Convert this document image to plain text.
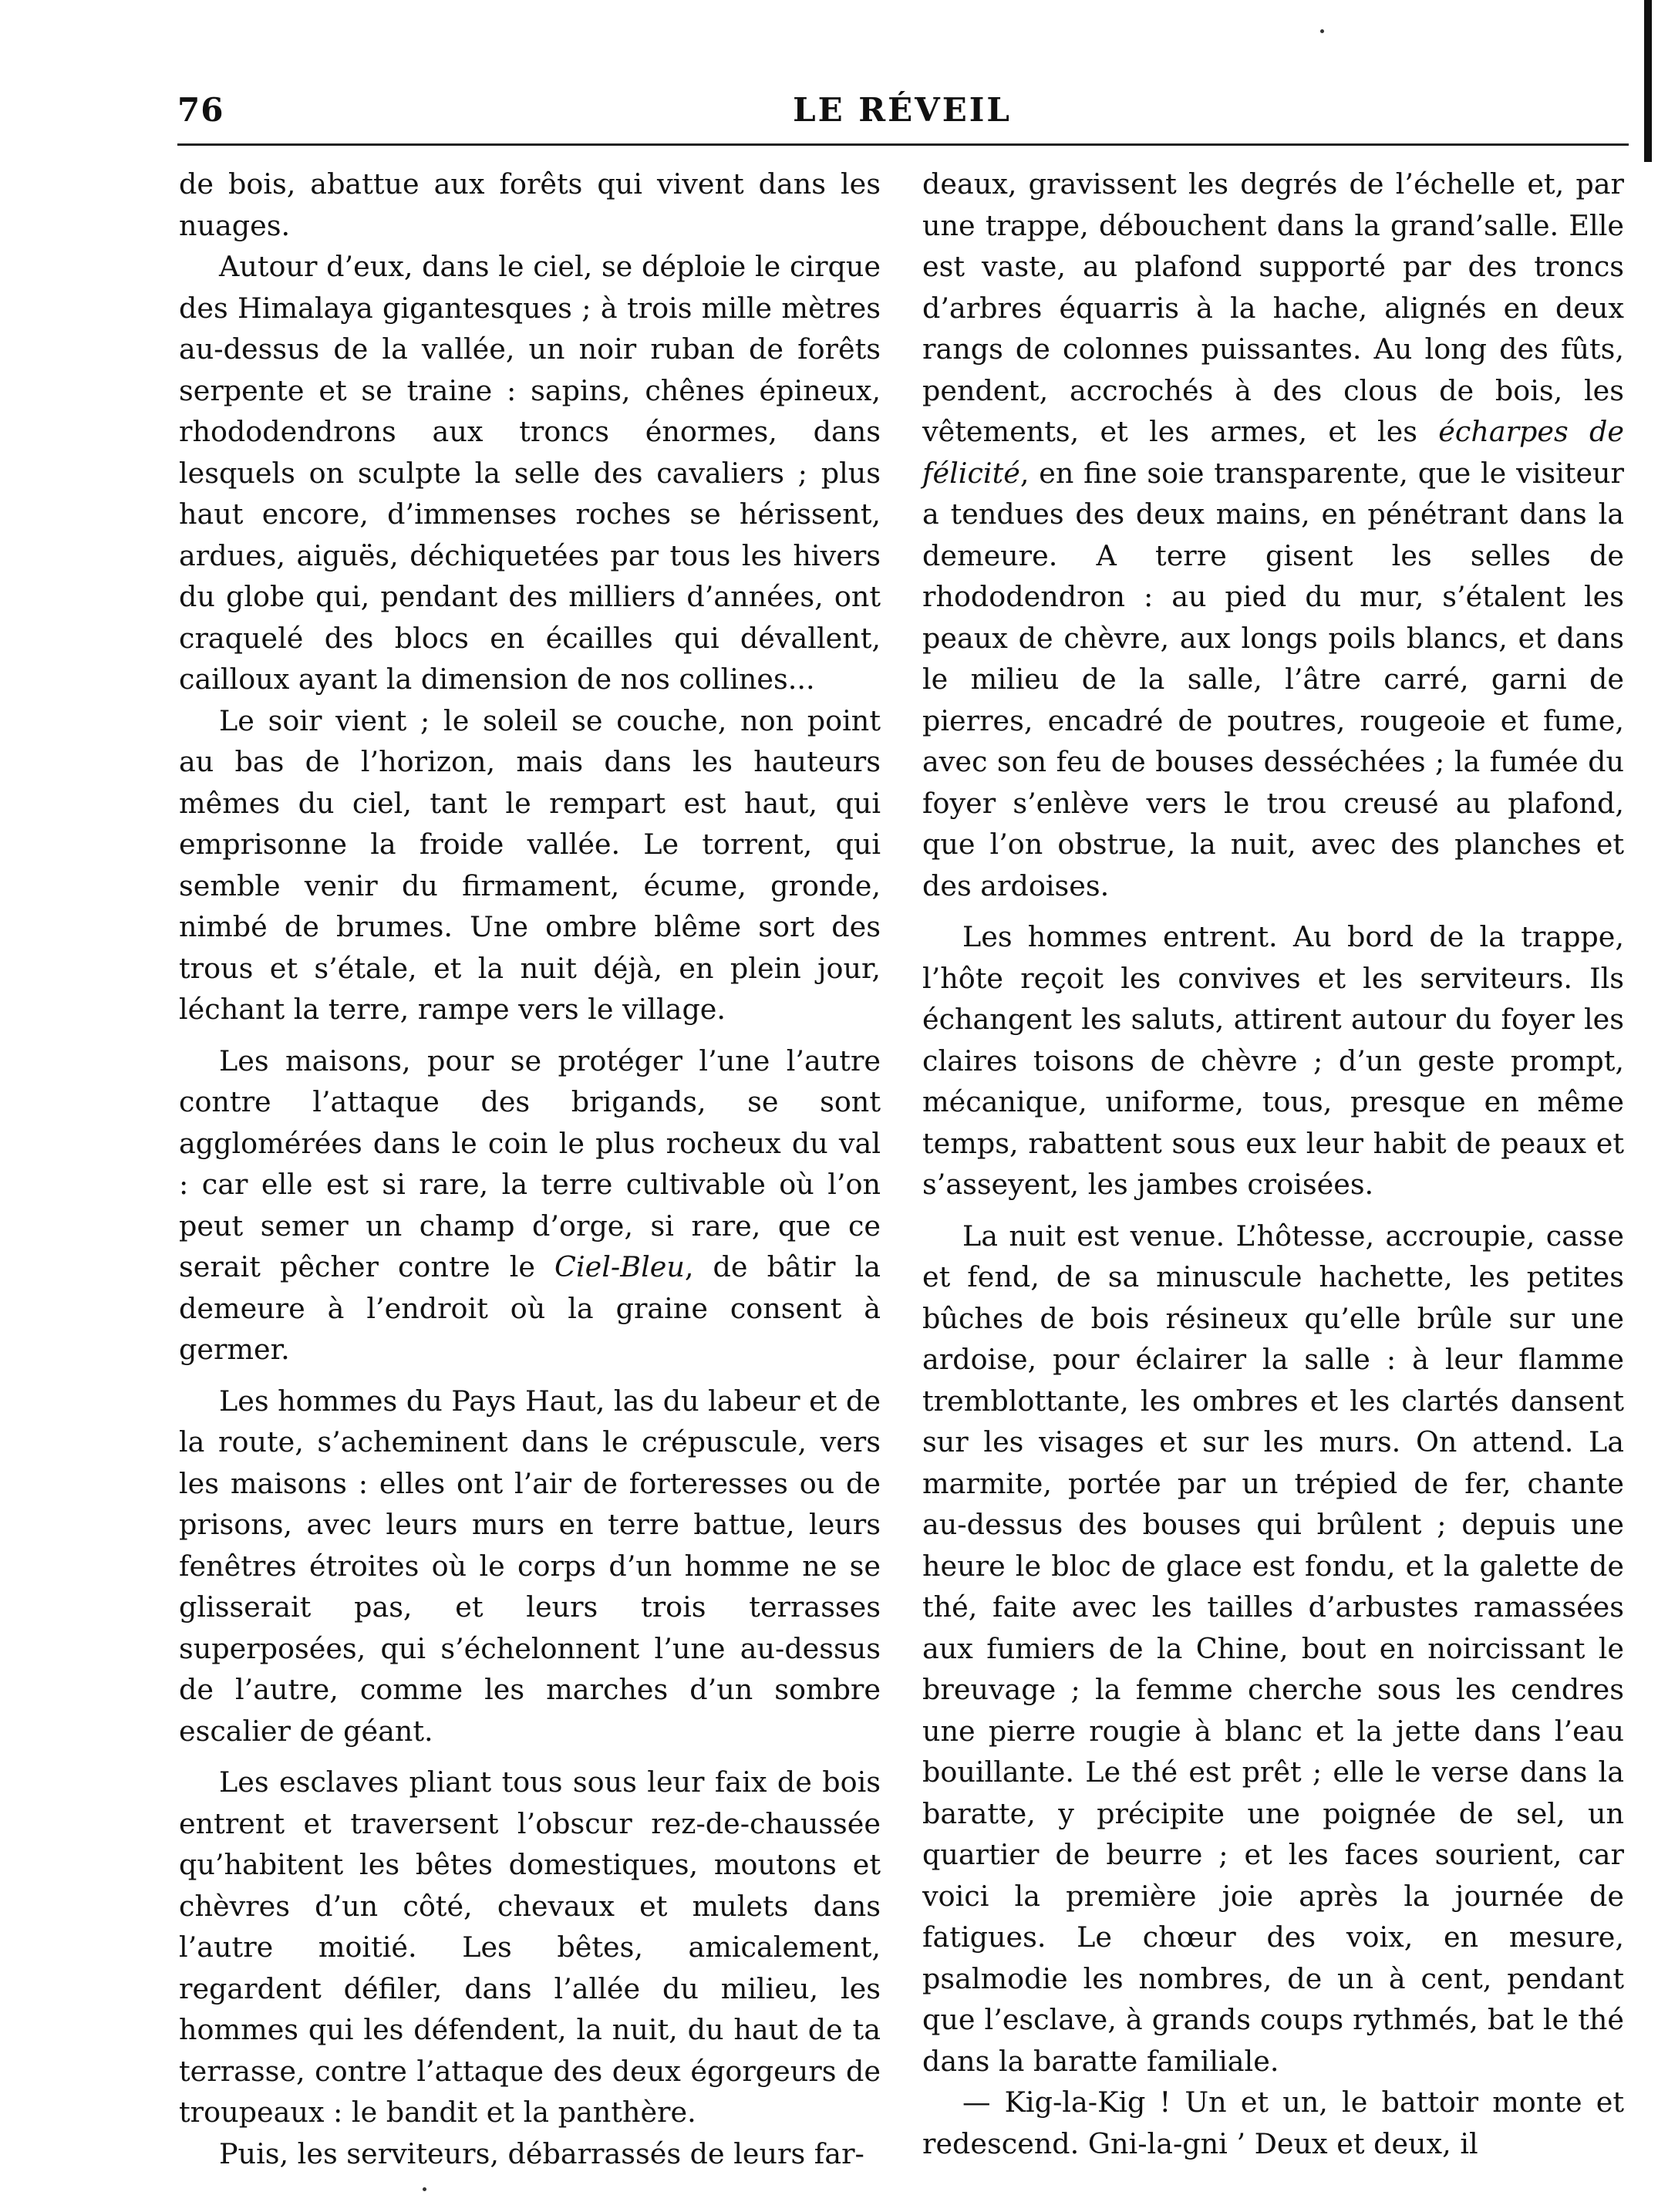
76	LE RÉVEIL

de bois, abattue aux forêts qui vivent dans les nuages.

Autour d’eux, dans le ciel, se déploie le cirque des Himalaya gigantesques ; à trois mille mètres au-dessus de la vallée, un noir ruban de forêts serpente et se traine : sapins, chênes épineux, rhododendrons aux troncs énormes, dans lesquels on sculpte la selle des cavaliers ; plus haut encore, d’immenses roches se hérissent, ardues, aiguës, déchiquetées par tous les hivers du globe qui, pendant des milliers d’années, ont craquelé des blocs en écailles qui dévallent, cailloux ayant la dimension de nos collines...

Le soir vient ; le soleil se couche, non point au bas de l’horizon, mais dans les hauteurs mêmes du ciel, tant le rempart est haut, qui emprisonne la froide vallée. Le torrent, qui semble venir du firmament, écume, gronde, nimbé de brumes. Une ombre blême sort des trous et s’étale, et la nuit déjà, en plein jour, léchant la terre, rampe vers le village.

Les maisons, pour se protéger l’une l’autre contre l’attaque des brigands, se sont agglomérées dans le coin le plus rocheux du val : car elle est si rare, la terre cultivable où l’on peut semer un champ d’orge, si rare, que ce serait pêcher contre le Ciel-Bleu, de bâtir la demeure à l’endroit où la graine consent à germer.

Les hommes du Pays Haut, las du labeur et de la route, s’acheminent dans le crépuscule, vers les maisons : elles ont l’air de forteresses ou de prisons, avec leurs murs en terre battue, leurs fenêtres étroites où le corps d’un homme ne se glisserait pas, et leurs trois terrasses superposées, qui s’échelonnent l’une au-dessus de l’autre, comme les marches d’un sombre escalier de géant.

Les esclaves pliant tous sous leur faix de bois entrent et traversent l’obscur rez-de-chaussée qu’habitent les bêtes domestiques, moutons et chèvres d’un côté, chevaux et mulets dans l’autre moitié. Les bêtes, amicalement, regardent défiler, dans l’allée du milieu, les hommes qui les défendent, la nuit, du haut de ta terrasse, contre l’attaque des deux égorgeurs de troupeaux : le bandit et la panthère.

Puis, les serviteurs, débarrassés de leurs far-

deaux, gravissent les degrés de l’échelle et, par une trappe, débouchent dans la grand’salle. Elle est vaste, au plafond supporté par des troncs d’arbres équarris à la hache, alignés en deux rangs de colonnes puissantes. Au long des fûts, pendent, accrochés à des clous de bois, les vêtements, et les armes, et les écharpes de félicité, en fine soie transparente, que le visiteur a tendues des deux mains, en pénétrant dans la demeure. A terre gisent les selles de rhododendron : au pied du mur, s’étalent les peaux de chèvre, aux longs poils blancs, et dans le milieu de la salle, l’âtre carré, garni de pierres, encadré de poutres, rougeoie et fume, avec son feu de bouses desséchées ; la fumée du foyer s’enlève vers le trou creusé au plafond, que l’on obstrue, la nuit, avec des planches et des ardoises.

Les hommes entrent. Au bord de la trappe, l’hôte reçoit les convives et les serviteurs. Ils échangent les saluts, attirent autour du foyer les claires toisons de chèvre ; d’un geste prompt, mécanique, uniforme, tous, presque en même temps, rabattent sous eux leur habit de peaux et s’asseyent, les jambes croisées.

La nuit est venue. L’hôtesse, accroupie, casse et fend, de sa minuscule hachette, les petites bûches de bois résineux qu’elle brûle sur une ardoise, pour éclairer la salle : à leur flamme tremblottante, les ombres et les clartés dansent sur les visages et sur les murs. On attend. La marmite, portée par un trépied de fer, chante au-dessus des bouses qui brûlent ; depuis une heure le bloc de glace est fondu, et la galette de thé, faite avec les tailles d’arbustes ramassées aux fumiers de la Chine, bout en noircissant le breuvage ; la femme cherche sous les cendres une pierre rougie à blanc et la jette dans l’eau bouillante. Le thé est prêt ; elle le verse dans la baratte, y précipite une poignée de sel, un quartier de beurre ; et les faces sourient, car voici la première joie après la journée de fatigues. Le chœur des voix, en mesure, psalmodie les nombres, de un à cent, pendant que l’esclave, à grands coups rythmés, bat le thé dans la baratte familiale.

— Kig-la-Kig ! Un et un, le battoir monte et redescend. Gni-la-gni ’ Deux et deux, il
